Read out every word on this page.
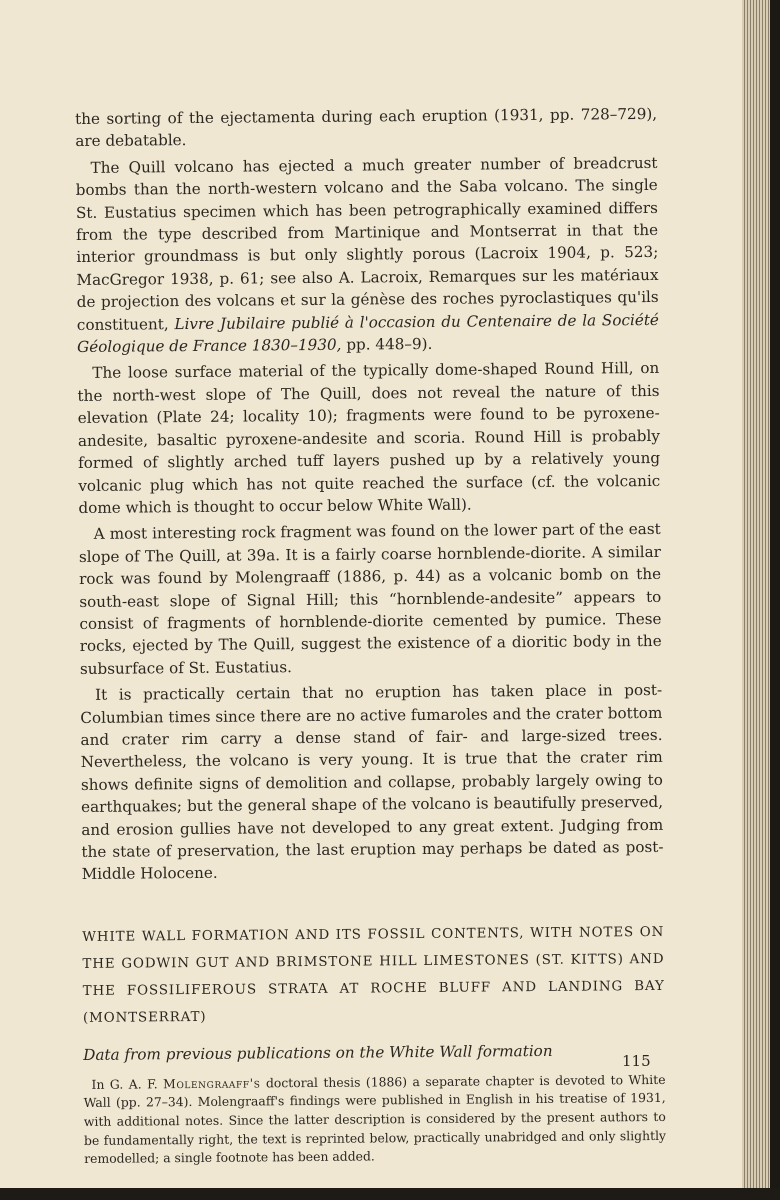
the sorting of the ejectamenta during each eruption (1931, pp. 728–729), are debatable.

The Quill volcano has ejected a much greater number of breadcrust bombs than the north-western volcano and the Saba volcano. The single St. Eustatius specimen which has been petrographically examined differs from the type described from Martinique and Montserrat in that the interior groundmass is but only slightly porous (Lacroix 1904, p. 523; MacGregor 1938, p. 61; see also A. Lacroix, Remarques sur les matériaux de projection des volcans et sur la génèse des roches pyroclastiques qu'ils constituent, Livre Jubilaire publié à l'occasion du Centenaire de la Société Géologique de France 1830–1930, pp. 448–9).

The loose surface material of the typically dome-shaped Round Hill, on the north-west slope of The Quill, does not reveal the nature of this elevation (Plate 24; locality 10); fragments were found to be pyroxene-andesite, basaltic pyroxene-andesite and scoria. Round Hill is probably formed of slightly arched tuff layers pushed up by a relatively young volcanic plug which has not quite reached the surface (cf. the volcanic dome which is thought to occur below White Wall).

A most interesting rock fragment was found on the lower part of the east slope of The Quill, at 39a. It is a fairly coarse hornblende-diorite. A similar rock was found by Molengraaff (1886, p. 44) as a volcanic bomb on the south-east slope of Signal Hill; this “hornblende-andesite” appears to consist of fragments of hornblende-diorite cemented by pumice. These rocks, ejected by The Quill, suggest the existence of a dioritic body in the subsurface of St. Eustatius.

It is practically certain that no eruption has taken place in post-Columbian times since there are no active fumaroles and the crater bottom and crater rim carry a dense stand of fair- and large-sized trees. Nevertheless, the volcano is very young. It is true that the crater rim shows definite signs of demolition and collapse, probably largely owing to earthquakes; but the general shape of the volcano is beautifully preserved, and erosion gullies have not developed to any great extent. Judging from the state of preservation, the last eruption may perhaps be dated as post-Middle Holocene.

WHITE WALL FORMATION AND ITS FOSSIL CONTENTS, WITH NOTES ON THE GODWIN GUT AND BRIMSTONE HILL LIMESTONES (ST. KITTS) AND THE FOSSILIFEROUS STRATA AT ROCHE BLUFF AND LANDING BAY (MONTSERRAT)
Data from previous publications on the White Wall formation

In G. A. F. Molengraaff's doctoral thesis (1886) a separate chapter is devoted to White Wall (pp. 27–34). Molengraaff's findings were published in English in his treatise of 1931, with additional notes. Since the latter description is considered by the present authors to be fundamentally right, the text is reprinted below, practically unabridged and only slightly remodelled; a single footnote has been added.

115
